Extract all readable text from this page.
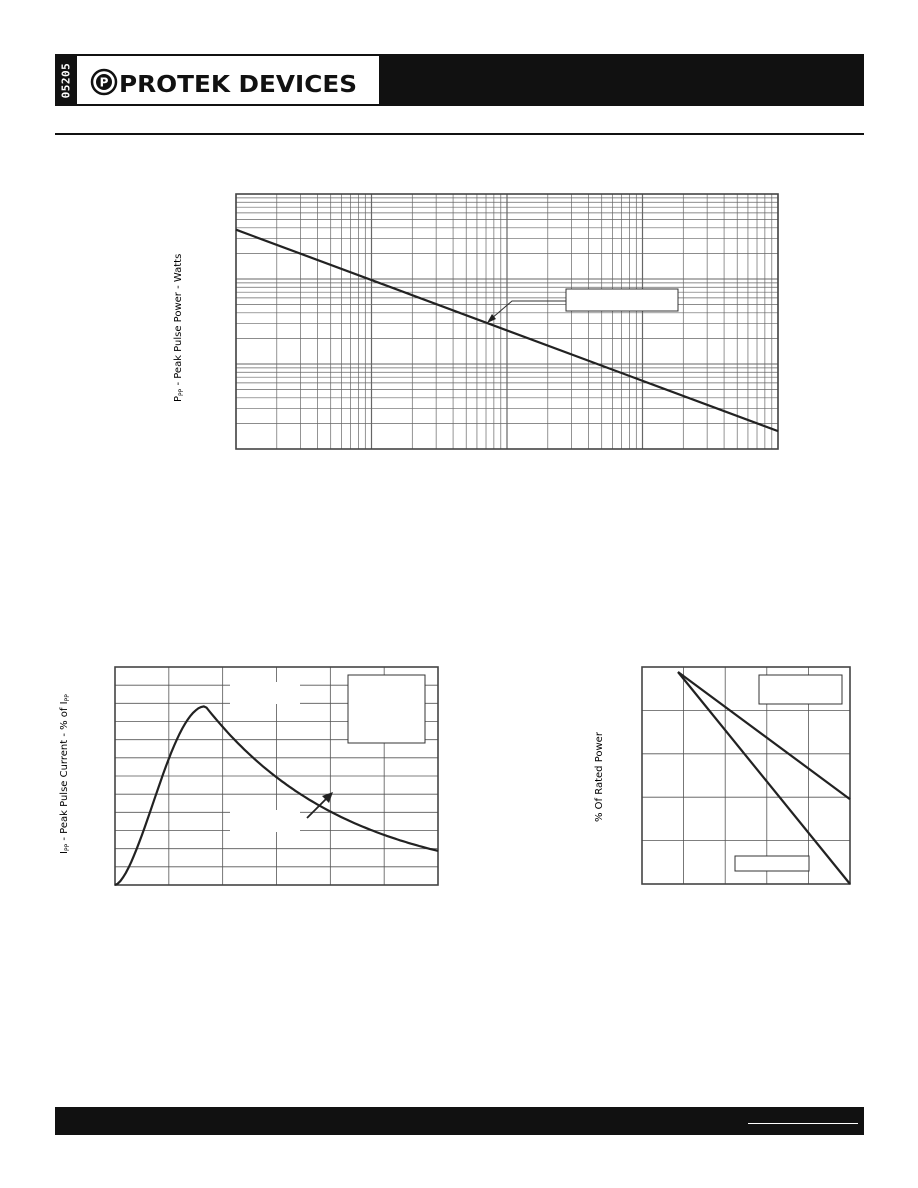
05205 P PROTEK DEVICES
$P_{PP}$ - Peak Pulse Power - Watts
$I_{PP}$ - Peak Pulse Current - % of $I_{PP}$
% Of Rated Power
